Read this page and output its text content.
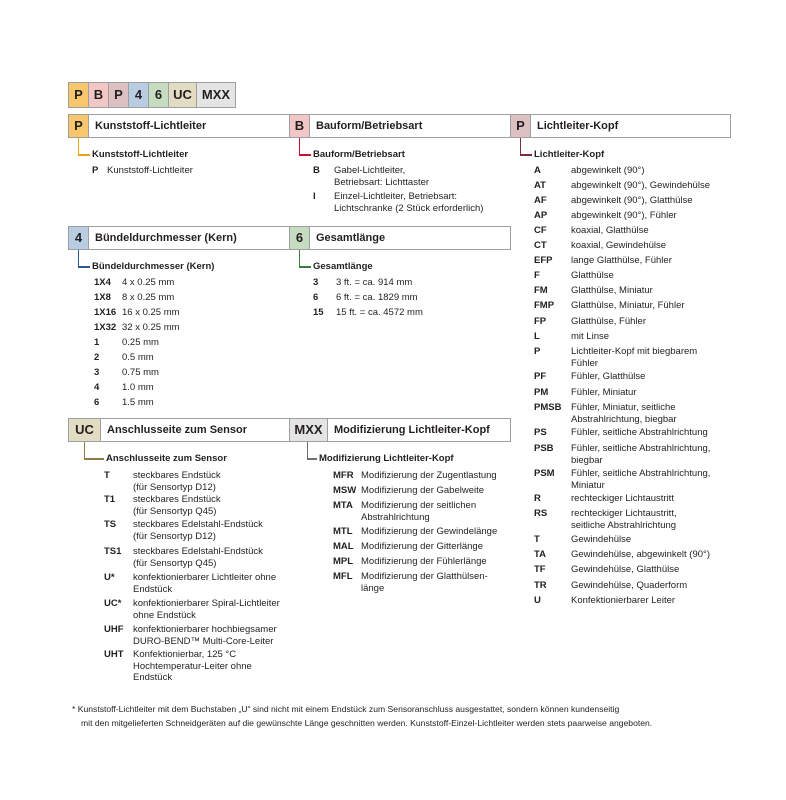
P B P 4 6 UC MXX
P	Kunststoff-Lichtleiter
Kunststoff-Lichtleiter
P Kunststoff-Lichtleiter
B	Bauform/Betriebsart
Bauform/Betriebsart
B Gabel-Lichtleiter,
Betriebsart: Lichttaster
I Einzel-Lichtleiter, Betriebsart:
Lichtschranke (2 Stück erforderlich)
P	Lichtleiter-Kopf
Lichtleiter-Kopf
A	abgewinkelt (90°)
AT	abgewinkelt (90°), Gewindehülse
AF	abgewinkelt (90°), Glatthülse
AP	abgewinkelt (90°), Fühler
CF	koaxial, Glatthülse
CT	koaxial, Gewindehülse
EFP lange Glatthülse, Fühler
F	Glatthülse
FM Glatthülse, Miniatur
FMP Glatthülse, Miniatur, Fühler
FP	Glatthülse, Fühler
L	mit Linse
P	Lichtleiter-Kopf mit biegbarem
Fühler
PF	Fühler, Glatthülse
PM Fühler, Miniatur
PMSB Fühler, Miniatur, seitliche
Abstrahlrichtung, biegbar
PS	Fühler, seitliche Abstrahlrichtung
PSB Fühler, seitliche Abstrahlrichtung,
biegbar
PSM Fühler, seitliche Abstrahlrichtung,
Miniatur
R	rechteckiger Lichtaustritt
RS	rechteckiger Lichtaustritt,
seitliche Abstrahlrichtung
T	Gewindehülse
TA	Gewindehülse, abgewinkelt (90°)
TF	Gewindehülse, Glatthülse
TR	Gewindehülse, Quaderform
U	Konfektionierbarer Leiter
4	Bündeldurchmesser (Kern)
Bündeldurchmesser (Kern)
1X4 4 x 0.25 mm
1X8 8 x 0.25 mm
1X16 16 x 0.25 mm
1X32 32 x 0.25 mm
1 0.25 mm
2 0.5 mm
3 0.75 mm
4 1.0 mm
6 1.5 mm
6	Gesamtlänge
Gesamtlänge
3 3 ft. = ca. 914 mm
6 6 ft. = ca. 1829 mm
15 15 ft. = ca. 4572 mm
UC	Anschlusseite zum Sensor
Anschlusseite zum Sensor
T steckbares Endstück
(für Sensortyp D12)
T1 steckbares Endstück
(für Sensortyp Q45)
TS steckbares Edelstahl-Endstück
(für Sensortyp D12)
TS1 steckbares Edelstahl-Endstück
(für Sensortyp Q45)
U* konfektionierbarer Lichtleiter ohne
Endstück
UC* konfektionierbarer Spiral-Lichtleiter
ohne Endstück
UHF konfektionierbarer hochbiegsamer
DURO-BEND™ Multi-Core-Leiter
UHT Konfektionierbar, 125 °C
Hochtemperatur-Leiter ohne
Endstück
MXX	Modifizierung Lichtleiter-Kopf
Modifizierung Lichtleiter-Kopf
MFR Modifizierung der Zugentlastung
MSW Modifizierung der Gabelweite
MTA Modifizierung der seitlichen
Abstrahlrichtung
MTL Modifizierung der Gewindelänge
MAL Modifizierung der Gitterlänge
MPL Modifizierung der Fühlerlänge
MFL Modifizierung der Glatthülsen-
länge
* Kunststoff-Lichtleiter mit dem Buchstaben „U“ sind nicht mit einem Endstück zum Sensoranschluss ausgestattet, sondern können kundenseitig
mit den mitgelieferten Schneidgeräten auf die gewünschte Länge geschnitten werden. Kunststoff-Einzel-Lichtleiter werden stets paarweise angeboten.
